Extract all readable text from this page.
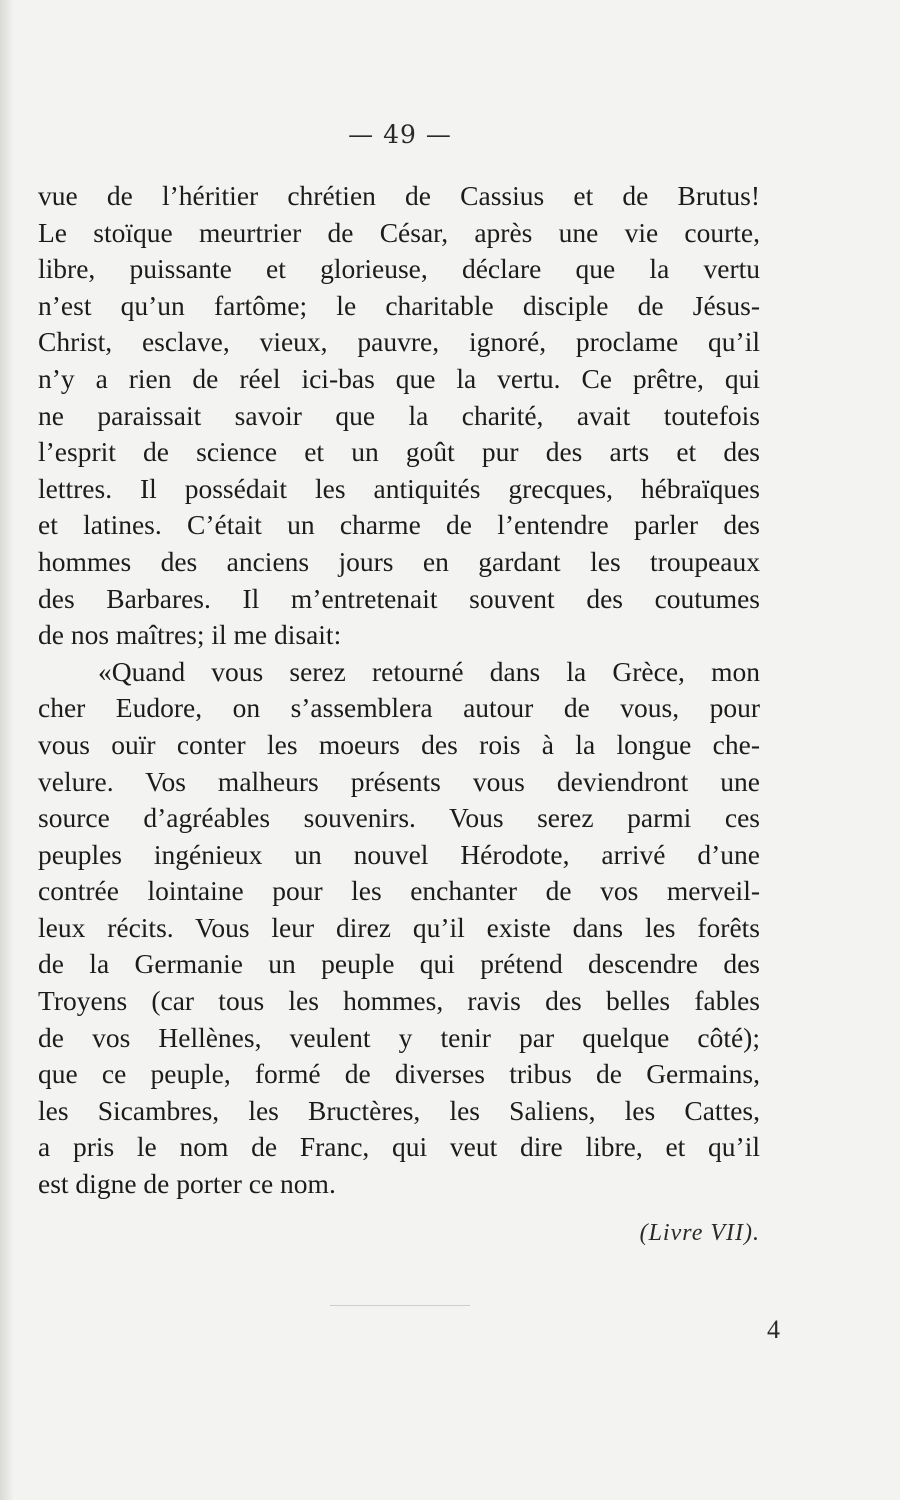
— 49 —
vue de l’héritier chrétien de Cassius et de Brutus!
Le stoïque meurtrier de César, après une vie courte,
libre, puissante et glorieuse, déclare que la vertu
n’est qu’un fartôme; le charitable disciple de Jésus-
Christ, esclave, vieux, pauvre, ignoré, proclame qu’il
n’y a rien de réel ici-bas que la vertu. Ce prêtre, qui
ne paraissait savoir que la charité, avait toutefois
l’esprit de science et un goût pur des arts et des
lettres. Il possédait les antiquités grecques, hébraïques
et latines. C’était un charme de l’entendre parler des
hommes des anciens jours en gardant les troupeaux
des Barbares. Il m’entretenait souvent des coutumes
de nos maîtres; il me disait:
«Quand vous serez retourné dans la Grèce, mon
cher Eudore, on s’assemblera autour de vous, pour
vous ouïr conter les moeurs des rois à la longue che-
velure. Vos malheurs présents vous deviendront une
source d’agréables souvenirs. Vous serez parmi ces
peuples ingénieux un nouvel Hérodote, arrivé d’une
contrée lointaine pour les enchanter de vos merveil-
leux récits. Vous leur direz qu’il existe dans les forêts
de la Germanie un peuple qui prétend descendre des
Troyens (car tous les hommes, ravis des belles fables
de vos Hellènes, veulent y tenir par quelque côté);
que ce peuple, formé de diverses tribus de Germains,
les Sicambres, les Bructères, les Saliens, les Cattes,
a pris le nom de Franc, qui veut dire libre, et qu’il
est digne de porter ce nom.
(Livre VII).
4
